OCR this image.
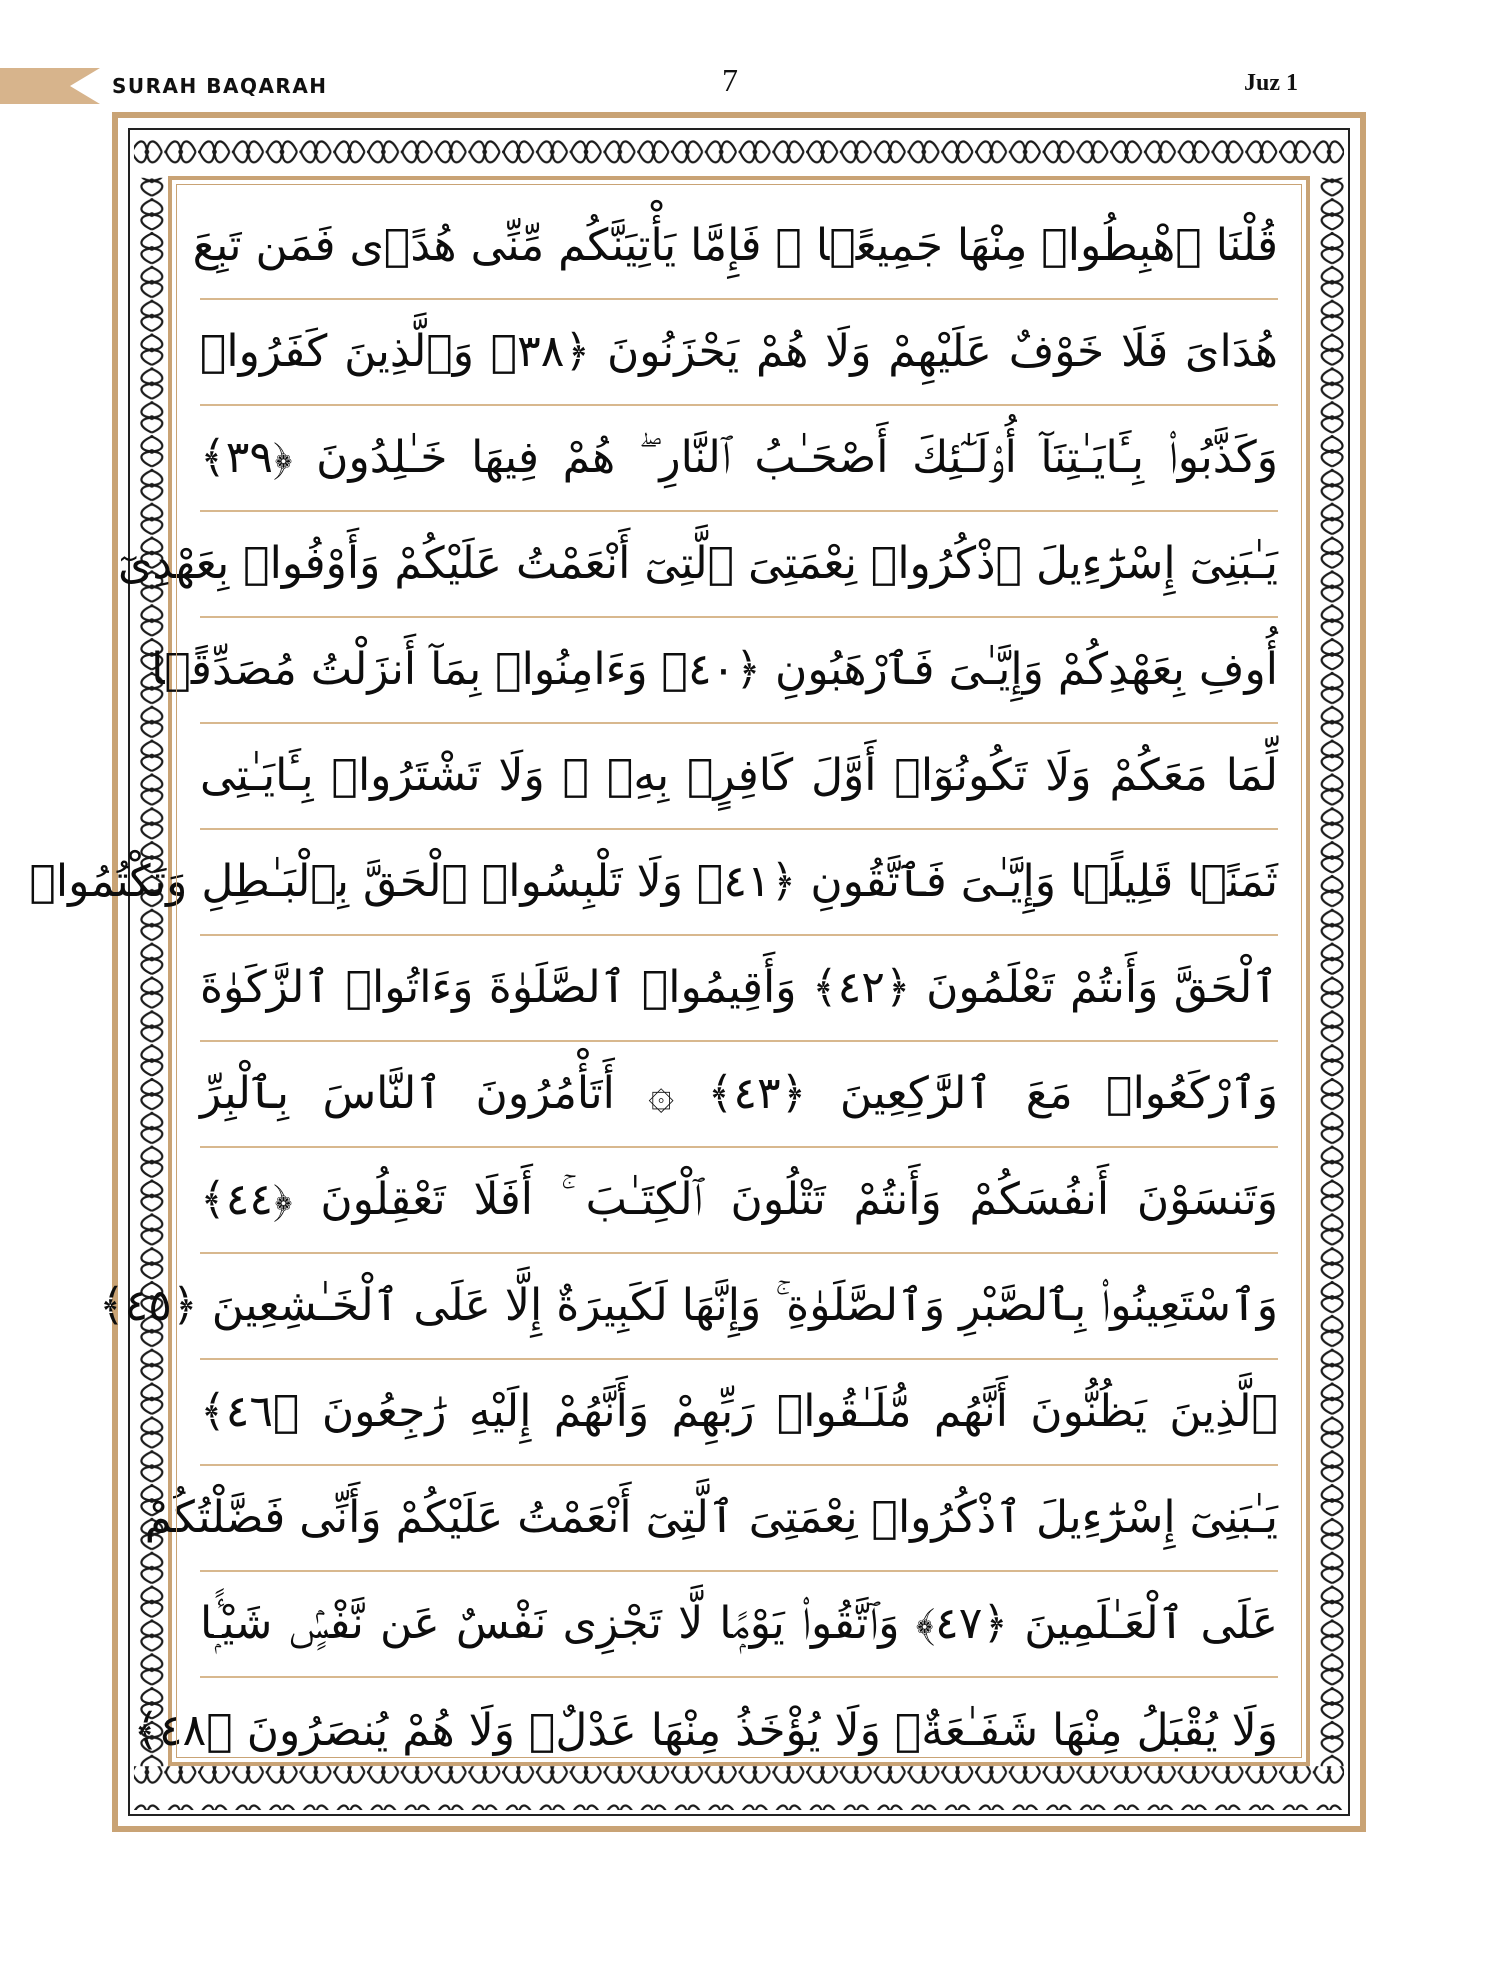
SURAH BAQARAH	7	Juz 1
قُلْنَا ٱهْبِطُوا۟ مِنْهَا جَمِيعًۭا ۖ فَإِمَّا يَأْتِيَنَّكُم مِّنِّى هُدًۭى فَمَن تَبِعَ
هُدَاىَ فَلَا خَوْفٌ عَلَيْهِمْ وَلَا هُمْ يَحْزَنُونَ ﴿٣٨﴾ وَٱلَّذِينَ كَفَرُوا۟
وَكَذَّبُوا۟ بِـَٔايَـٰتِنَآ أُو۟لَـٰٓئِكَ أَصْحَـٰبُ ٱلنَّارِ ۖ هُمْ فِيهَا خَـٰلِدُونَ ﴿٣٩﴾
يَـٰبَنِىٓ إِسْرَٰٓءِيلَ ٱذْكُرُوا۟ نِعْمَتِىَ ٱلَّتِىٓ أَنْعَمْتُ عَلَيْكُمْ وَأَوْفُوا۟ بِعَهْدِىٓ
أُوفِ بِعَهْدِكُمْ وَإِيَّـٰىَ فَٱرْهَبُونِ ﴿٤٠﴾ وَءَامِنُوا۟ بِمَآ أَنزَلْتُ مُصَدِّقًۭا
لِّمَا مَعَكُمْ وَلَا تَكُونُوٓا۟ أَوَّلَ كَافِرٍۭ بِهِۦ ۖ وَلَا تَشْتَرُوا۟ بِـَٔايَـٰتِى
ثَمَنًۭا قَلِيلًۭا وَإِيَّـٰىَ فَٱتَّقُونِ ﴿٤١﴾ وَلَا تَلْبِسُوا۟ ٱلْحَقَّ بِٱلْبَـٰطِلِ وَتَكْتُمُوا۟
ٱلْحَقَّ وَأَنتُمْ تَعْلَمُونَ ﴿٤٢﴾ وَأَقِيمُوا۟ ٱلصَّلَوٰةَ وَءَاتُوا۟ ٱلزَّكَوٰةَ
وَٱرْكَعُوا۟ مَعَ ٱلرَّٰكِعِينَ ﴿٤٣﴾ ۞ أَتَأْمُرُونَ ٱلنَّاسَ بِٱلْبِرِّ
وَتَنسَوْنَ أَنفُسَكُمْ وَأَنتُمْ تَتْلُونَ ٱلْكِتَـٰبَ ۚ أَفَلَا تَعْقِلُونَ ﴿٤٤﴾
وَٱسْتَعِينُوا۟ بِٱلصَّبْرِ وَٱلصَّلَوٰةِ ۚ وَإِنَّهَا لَكَبِيرَةٌ إِلَّا عَلَى ٱلْخَـٰشِعِينَ ﴿٤٥﴾
ٱلَّذِينَ يَظُنُّونَ أَنَّهُم مُّلَـٰقُوا۟ رَبِّهِمْ وَأَنَّهُمْ إِلَيْهِ رَٰجِعُونَ ﴿٤٦﴾
يَـٰبَنِىٓ إِسْرَٰٓءِيلَ ٱذْكُرُوا۟ نِعْمَتِىَ ٱلَّتِىٓ أَنْعَمْتُ عَلَيْكُمْ وَأَنِّى فَضَّلْتُكُمْ
عَلَى ٱلْعَـٰلَمِينَ ﴿٤٧﴾ وَٱتَّقُوا۟ يَوْمًۭا لَّا تَجْزِى نَفْسٌ عَن نَّفْسٍۢ شَيْـًۭٔا
وَلَا يُقْبَلُ مِنْهَا شَفَـٰعَةٌۭ وَلَا يُؤْخَذُ مِنْهَا عَدْلٌۭ وَلَا هُمْ يُنصَرُونَ ﴿٤٨﴾
